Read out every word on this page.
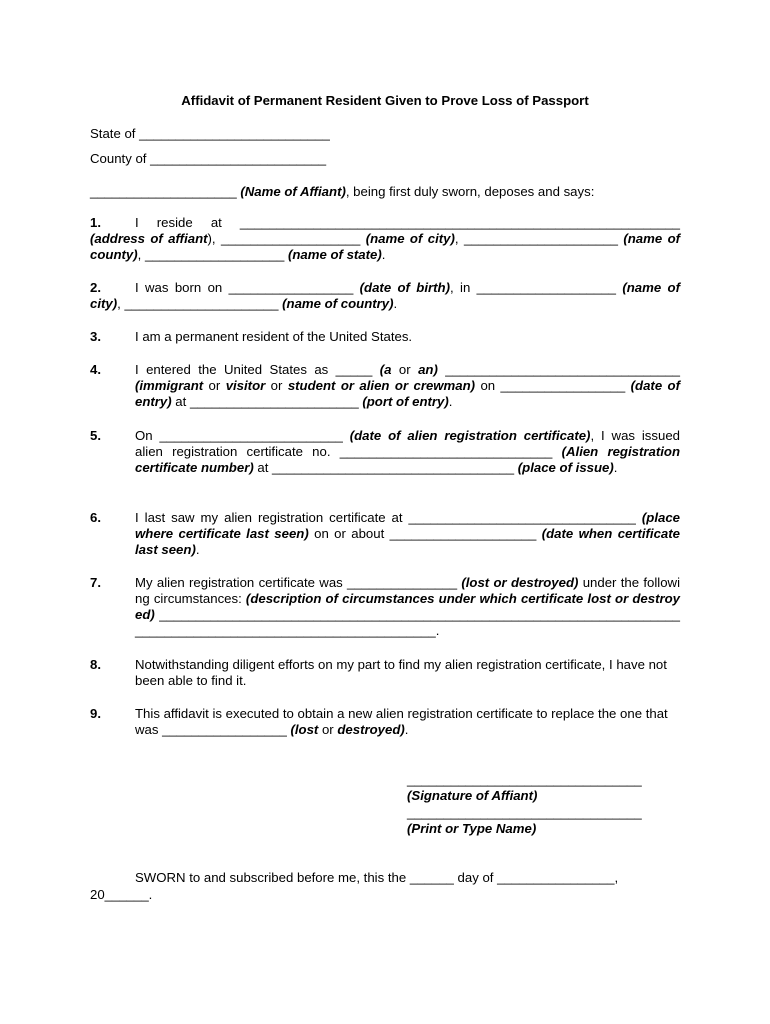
Affidavit of Permanent Resident Given to Prove Loss of Passport
State of __________________________
County of ________________________
____________________ (Name of Affiant), being first duly sworn, deposes and says:
1.	I reside at ____________________________________________________________ (address of affiant), ___________________ (name of city), _____________________ (name of county), ___________________ (name of state).
2.	I was born on _________________ (date of birth), in ___________________ (name of city), _____________________ (name of country).
3.	I am a permanent resident of the United States.
4.	I entered the United States as _____ (a or an) ________________________________ (immigrant or visitor or student or alien or crewman) on _________________ (date of entry) at _______________________ (port of entry).
5.	On _________________________ (date of alien registration certificate), I was issued alien registration certificate no. _____________________________ (Alien registration certificate number) at _________________________________ (place of issue).
6.	I last saw my alien registration certificate at _______________________________ (place where certificate last seen) on or about ____________________ (date when certificate last seen).
7.	My alien registration certificate was _______________ (lost or destroyed) under the following circumstances: (description of circumstances under which certificate lost or destroyed) ________________________________________________________________________________________________________________.
8.	Notwithstanding diligent efforts on my part to find my alien registration certificate, I have not been able to find it.
9.	This affidavit is executed to obtain a new alien registration certificate to replace the one that was _________________ (lost or destroyed).
________________________________
(Signature of Affiant)
________________________________
(Print or Type Name)
SWORN to and subscribed before me, this the ______ day of ________________,
20______.
